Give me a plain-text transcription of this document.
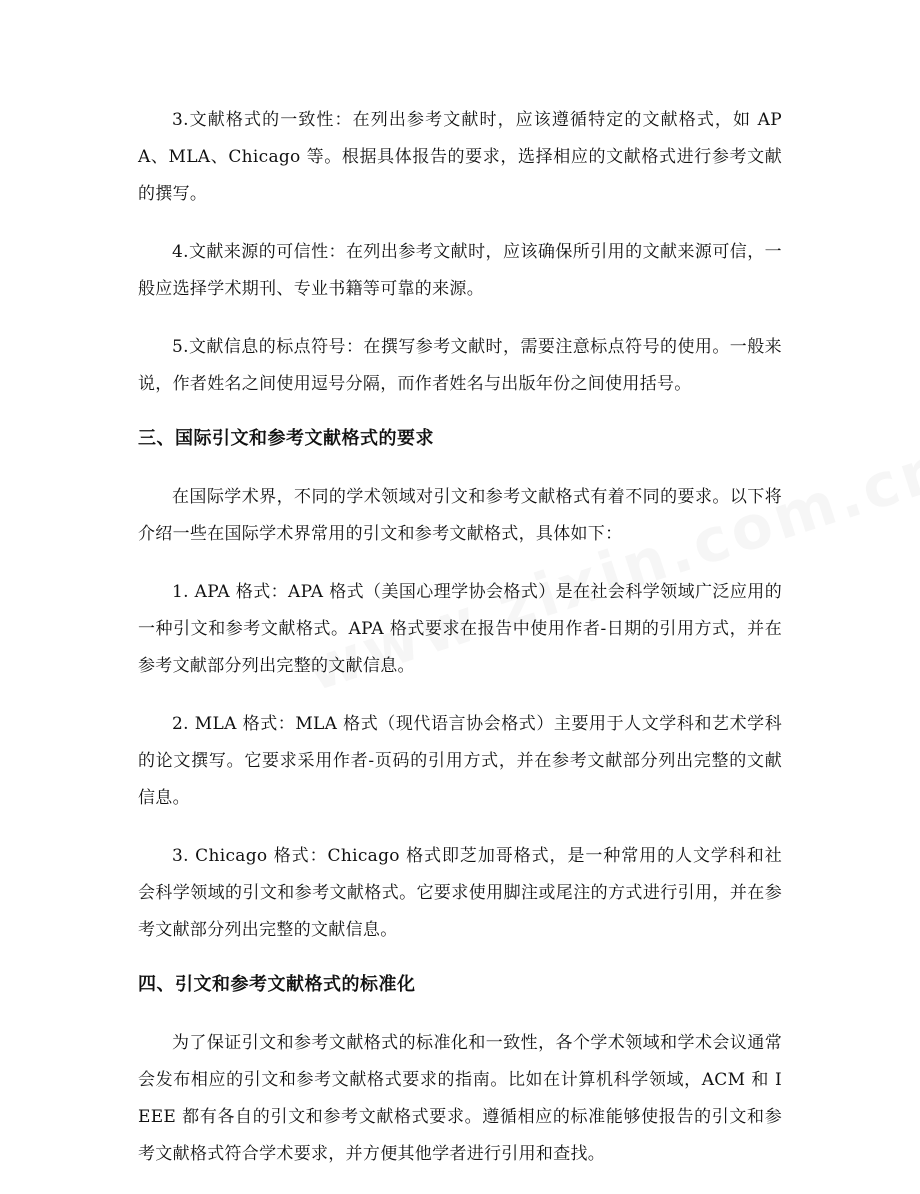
3.文献格式的一致性：在列出参考文献时，应该遵循特定的文献格式，如 APA、MLA、Chicago 等。根据具体报告的要求，选择相应的文献格式进行参考文献的撰写。

4.文献来源的可信性：在列出参考文献时，应该确保所引用的文献来源可信，一般应选择学术期刊、专业书籍等可靠的来源。

5.文献信息的标点符号：在撰写参考文献时，需要注意标点符号的使用。一般来说，作者姓名之间使用逗号分隔，而作者姓名与出版年份之间使用括号。

三、国际引文和参考文献格式的要求

在国际学术界，不同的学术领域对引文和参考文献格式有着不同的要求。以下将介绍一些在国际学术界常用的引文和参考文献格式，具体如下：

1. APA 格式：APA 格式（美国心理学协会格式）是在社会科学领域广泛应用的一种引文和参考文献格式。APA 格式要求在报告中使用作者-日期的引用方式，并在参考文献部分列出完整的文献信息。

2. MLA 格式：MLA 格式（现代语言协会格式）主要用于人文学科和艺术学科的论文撰写。它要求采用作者-页码的引用方式，并在参考文献部分列出完整的文献信息。

3. Chicago 格式：Chicago 格式即芝加哥格式，是一种常用的人文学科和社会科学领域的引文和参考文献格式。它要求使用脚注或尾注的方式进行引用，并在参考文献部分列出完整的文献信息。

四、引文和参考文献格式的标准化

为了保证引文和参考文献格式的标准化和一致性，各个学术领域和学术会议通常会发布相应的引文和参考文献格式要求的指南。比如在计算机科学领域，ACM 和 IEEE 都有各自的引文和参考文献格式要求。遵循相应的标准能够使报告的引文和参考文献格式符合学术要求，并方便其他学者进行引用和查找。
